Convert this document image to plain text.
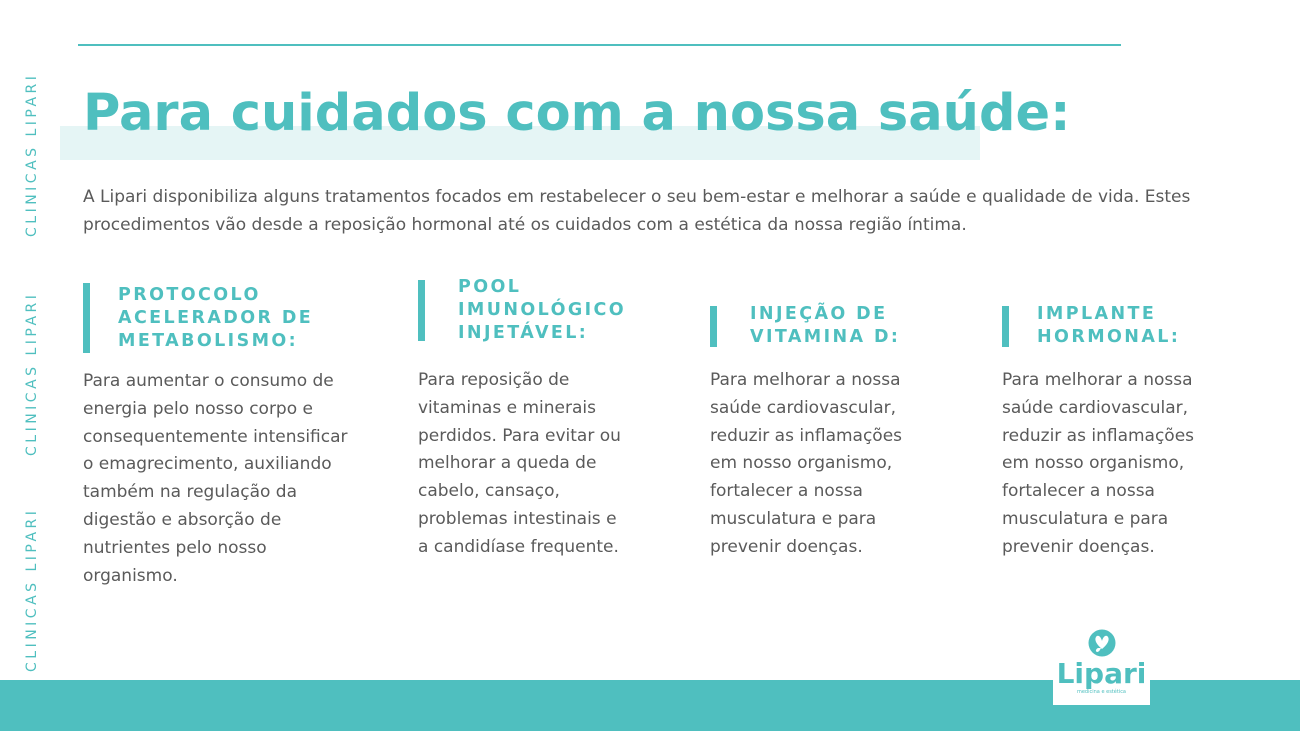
CLINICAS LIPARI
CLINICAS LIPARI
CLINICAS LIPARI
Para cuidados com a nossa saúde:

A Lipari disponibiliza alguns tratamentos focados em restabelecer o seu bem-estar e melhorar a saúde e qualidade de vida. Estes procedimentos vão desde a reposição hormonal até os cuidados com a estética da nossa região íntima.

PROTOCOLO
ACELERADOR DE
METABOLISMO:

Para aumentar o consumo de
energia pelo nosso corpo e
consequentemente intensificar
o emagrecimento, auxiliando
também na regulação da
digestão e absorção de
nutrientes pelo nosso
organismo.

POOL
IMUNOLÓGICO
INJETÁVEL:

Para reposição de
vitaminas e minerais
perdidos. Para evitar ou
melhorar a queda de
cabelo, cansaço,
problemas intestinais e
a candidíase frequente.

INJEÇÃO DE
VITAMINA D:

Para melhorar a nossa
saúde cardiovascular,
reduzir as inflamações
em nosso organismo,
fortalecer a nossa
musculatura e para
prevenir doenças.

IMPLANTE
HORMONAL:

Para melhorar a nossa
saúde cardiovascular,
reduzir as inflamações
em nosso organismo,
fortalecer a nossa
musculatura e para
prevenir doenças.

Lipari
medicina e estética
